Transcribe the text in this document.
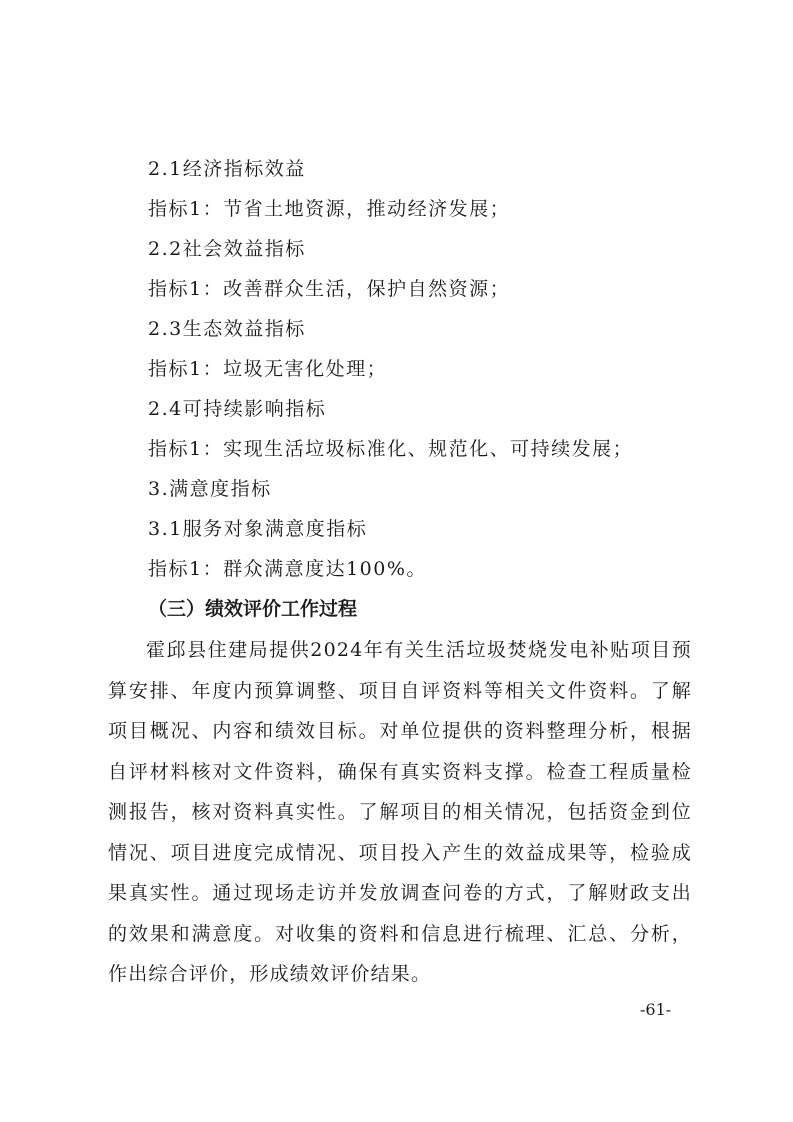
2.1经济指标效益
指标1：节省土地资源，推动经济发展；
2.2社会效益指标
指标1：改善群众生活，保护自然资源；
2.3生态效益指标
指标1：垃圾无害化处理；
2.4可持续影响指标
指标1：实现生活垃圾标准化、规范化、可持续发展；
3.满意度指标
3.1服务对象满意度指标
指标1：群众满意度达100%。
（三）绩效评价工作过程
霍邱县住建局提供2024年有关生活垃圾焚烧发电补贴项目预算安排、年度内预算调整、项目自评资料等相关文件资料。了解项目概况、内容和绩效目标。对单位提供的资料整理分析，根据自评材料核对文件资料，确保有真实资料支撑。检查工程质量检测报告，核对资料真实性。了解项目的相关情况，包括资金到位情况、项目进度完成情况、项目投入产生的效益成果等，检验成果真实性。通过现场走访并发放调查问卷的方式，了解财政支出的效果和满意度。对收集的资料和信息进行梳理、汇总、分析，作出综合评价，形成绩效评价结果。
-61-
